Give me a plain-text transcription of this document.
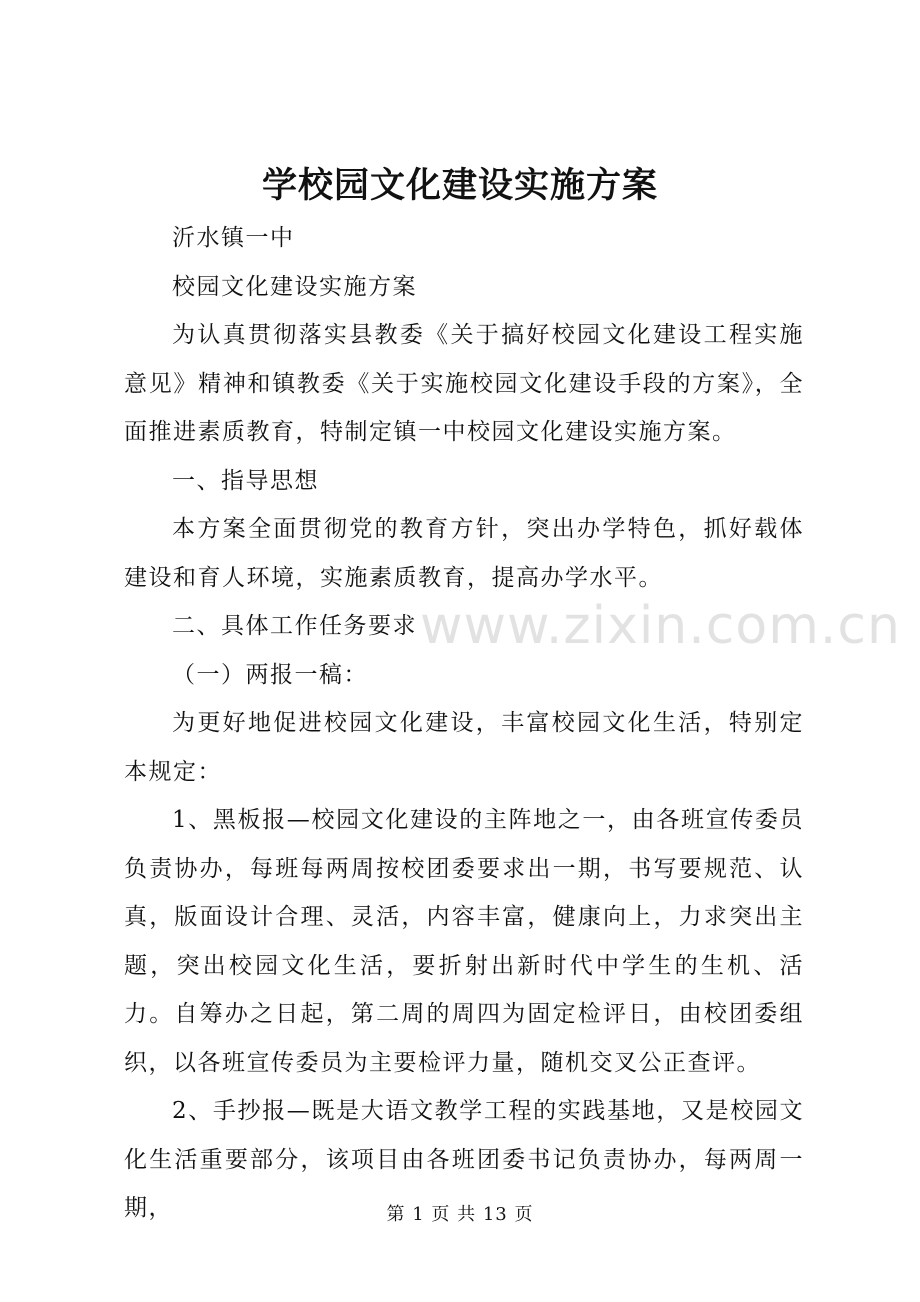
学校园文化建设实施方案

沂水镇一中

校园文化建设实施方案

为认真贯彻落实县教委《关于搞好校园文化建设工程实施意见》精神和镇教委《关于实施校园文化建设手段的方案》，全面推进素质教育，特制定镇一中校园文化建设实施方案。

一、指导思想

本方案全面贯彻党的教育方针，突出办学特色，抓好载体建设和育人环境，实施素质教育，提高办学水平。

二、具体工作任务要求

（一）两报一稿：

为更好地促进校园文化建设，丰富校园文化生活，特别定本规定：

1、黑板报—校园文化建设的主阵地之一，由各班宣传委员负责协办，每班每两周按校团委要求出一期，书写要规范、认真，版面设计合理、灵活，内容丰富，健康向上，力求突出主题，突出校园文化生活，要折射出新时代中学生的生机、活力。自筹办之日起，第二周的周四为固定检评日，由校团委组织，以各班宣传委员为主要检评力量，随机交叉公正查评。

2、手抄报—既是大语文教学工程的实践基地，又是校园文化生活重要部分，该项目由各班团委书记负责协办，每两周一期，

www.zixin.com.cn
第 1 页 共 13 页
